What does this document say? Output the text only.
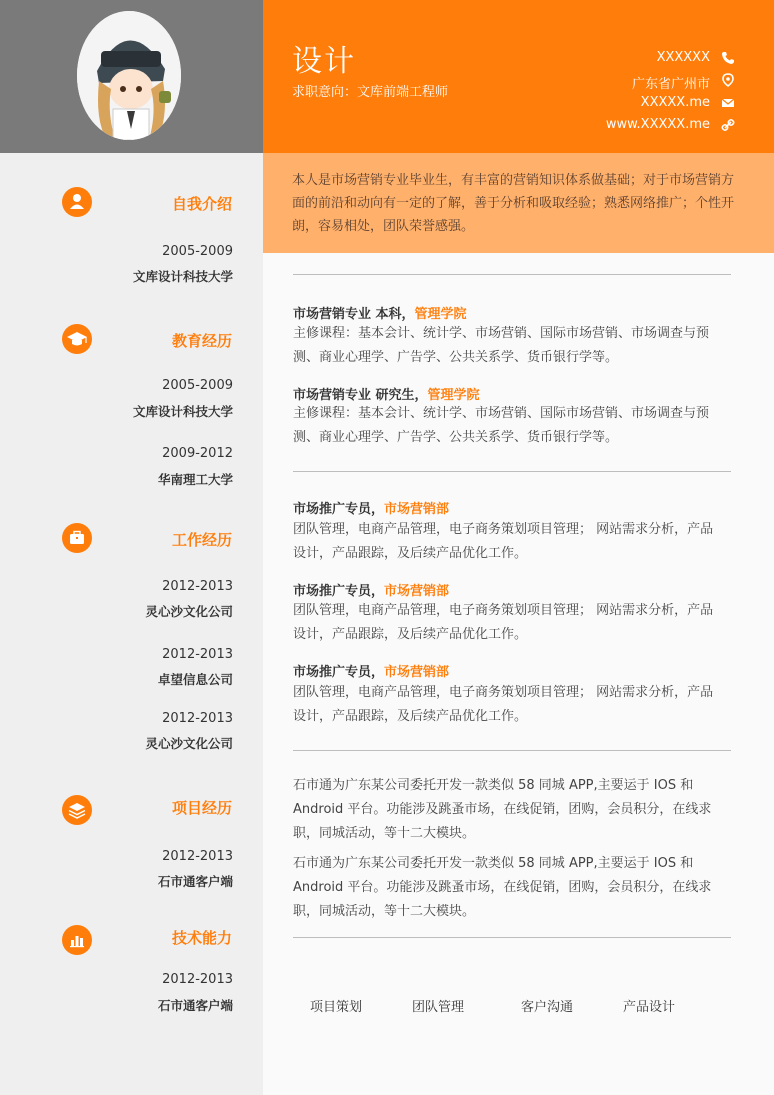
设计
求职意向：文库前端工程师
XXXXXX
广东省广州市
XXXXX.me
www.XXXXX.me
本人是市场营销专业毕业生，有丰富的营销知识体系做基础；对于市场营销方面的前沿和动向有一定的了解，善于分析和吸取经验；熟悉网络推广；个性开朗，容易相处，团队荣誉感强。
自我介绍
2005-2009
文库设计科技大学
教育经历
2005-2009
文库设计科技大学
2009-2012
华南理工大学
工作经历
2012-2013
灵心沙文化公司
2012-2013
卓望信息公司
2012-2013
灵心沙文化公司
项目经历
2012-2013
石市通客户端
技术能力
2012-2013
石市通客户端
市场营销专业 本科，管理学院
主修课程：基本会计、统计学、市场营销、国际市场营销、市场调查与预测、商业心理学、广告学、公共关系学、货币银行学等。
市场营销专业 研究生，管理学院
主修课程：基本会计、统计学、市场营销、国际市场营销、市场调查与预测、商业心理学、广告学、公共关系学、货币银行学等。
市场推广专员，市场营销部
团队管理，电商产品管理，电子商务策划项目管理； 网站需求分析，产品设计，产品跟踪，及后续产品优化工作。
市场推广专员，市场营销部
团队管理，电商产品管理，电子商务策划项目管理； 网站需求分析，产品设计，产品跟踪，及后续产品优化工作。
市场推广专员，市场营销部
团队管理，电商产品管理，电子商务策划项目管理； 网站需求分析，产品设计，产品跟踪，及后续产品优化工作。
石市通为广东某公司委托开发一款类似 58 同城 APP,主要运于 IOS 和 Android 平台。功能涉及跳蚤市场，在线促销，团购，会员积分，在线求职，同城活动，等十二大模块。
石市通为广东某公司委托开发一款类似 58 同城 APP,主要运于 IOS 和 Android 平台。功能涉及跳蚤市场，在线促销，团购，会员积分，在线求职，同城活动，等十二大模块。
项目策划	团队管理	客户沟通	产品设计
